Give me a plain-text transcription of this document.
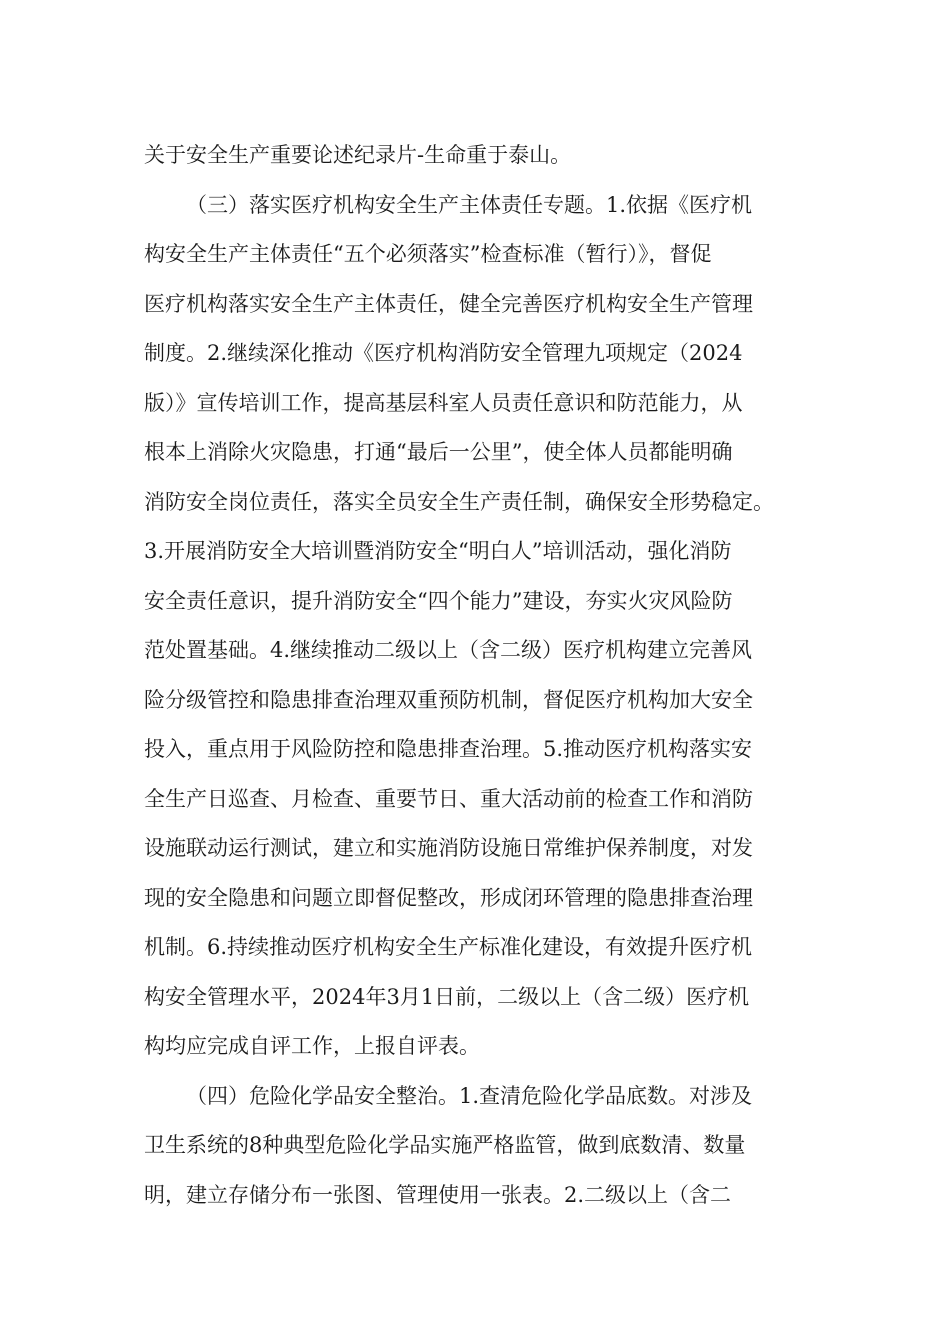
关于安全生产重要论述纪录片-生命重于泰山。
（三）落实医疗机构安全生产主体责任专题。1.依据《医疗机
构安全生产主体责任“五个必须落实”检查标准（暂行）》，督促
医疗机构落实安全生产主体责任，健全完善医疗机构安全生产管理
制度。2.继续深化推动《医疗机构消防安全管理九项规定（2024
版）》宣传培训工作，提高基层科室人员责任意识和防范能力，从
根本上消除火灾隐患，打通“最后一公里”，使全体人员都能明确
消防安全岗位责任，落实全员安全生产责任制，确保安全形势稳定。
3.开展消防安全大培训暨消防安全“明白人”培训活动，强化消防
安全责任意识，提升消防安全“四个能力”建设，夯实火灾风险防
范处置基础。4.继续推动二级以上（含二级）医疗机构建立完善风
险分级管控和隐患排查治理双重预防机制，督促医疗机构加大安全
投入，重点用于风险防控和隐患排查治理。5.推动医疗机构落实安
全生产日巡查、月检查、重要节日、重大活动前的检查工作和消防
设施联动运行测试，建立和实施消防设施日常维护保养制度，对发
现的安全隐患和问题立即督促整改，形成闭环管理的隐患排查治理
机制。6.持续推动医疗机构安全生产标准化建设，有效提升医疗机
构安全管理水平，2024年3月1日前，二级以上（含二级）医疗机
构均应完成自评工作，上报自评表。
（四）危险化学品安全整治。1.查清危险化学品底数。对涉及
卫生系统的8种典型危险化学品实施严格监管，做到底数清、数量
明，建立存储分布一张图、管理使用一张表。2.二级以上（含二
